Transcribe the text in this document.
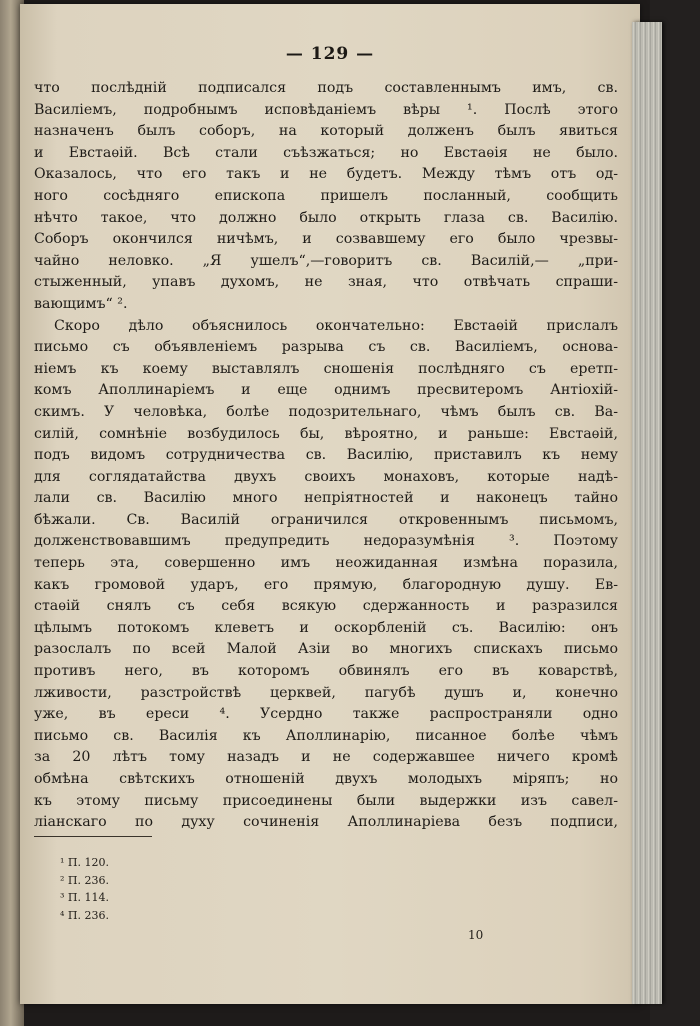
— 129 —
что послѣдній подписался подъ составленнымъ имъ, св.
Василіемъ, подробнымъ исповѣданіемъ вѣры ¹. Послѣ этого
назначенъ былъ соборъ, на который долженъ былъ явиться
и Евстаѳій. Всѣ стали съѣзжаться; но Евстаѳія не было.
Оказалось, что его такъ и не будетъ. Между тѣмъ отъ од-
ного сосѣдняго епископа пришелъ посланный, сообщить
нѣчто такое, что должно было открыть глаза св. Василію.
Соборъ окончился ничѣмъ, и созвавшему его было чрезвы-
чайно неловко. „Я ушелъ“,—говоритъ св. Василій,— „при-
стыженный, упавъ духомъ, не зная, что отвѣчать спраши-
вающимъ“ ².
Скоро дѣло объяснилось окончательно: Евстаѳій прислалъ
письмо съ объявленіемъ разрыва съ св. Василіемъ, основа-
ніемъ къ коему выставлялъ сношенія послѣдняго съ еретп-
комъ Аполлинаріемъ и еще однимъ пресвитеромъ Антіохій-
скимъ. У человѣка, болѣе подозрительнаго, чѣмъ былъ св. Ва-
силій, сомнѣніе возбудилось бы, вѣроятно, и раньше: Евстаѳій,
подъ видомъ сотрудничества св. Василію, приставилъ къ нему
для соглядатайства двухъ своихъ монаховъ, которые надѣ-
лали св. Василію много непріятностей и наконецъ тайно
бѣжали. Св. Василій ограничился откровеннымъ письмомъ,
долженствовавшимъ предупредить недоразумѣнія ³. Поэтому
теперь эта, совершенно имъ неожиданная измѣна поразила,
какъ громовой ударъ, его прямую, благородную душу. Ев-
стаѳій снялъ съ себя всякую сдержанность и разразился
цѣлымъ потокомъ клеветъ и оскорбленій съ. Василію: онъ
разослалъ по всей Малой Азіи во многихъ спискахъ письмо
противъ него, въ которомъ обвинялъ его въ коварствѣ,
лживости, разстройствѣ церквей, пагубѣ душъ и, конечно
уже, въ ереси ⁴. Усердно также распространяли одно
письмо св. Василія къ Аполлинарію, писанное болѣе чѣмъ
за 20 лѣтъ тому назадъ и не содержавшее ничего кромѣ
обмѣна свѣтскихъ отношеній двухъ молодыхъ міряпъ; но
къ этому письму присоединены были выдержки изъ савел-
ліанскаго по духу сочиненія Аполлинаріева безъ подписи,
¹ П. 120.
² П. 236.
³ П. 114.
⁴ П. 236.
10
